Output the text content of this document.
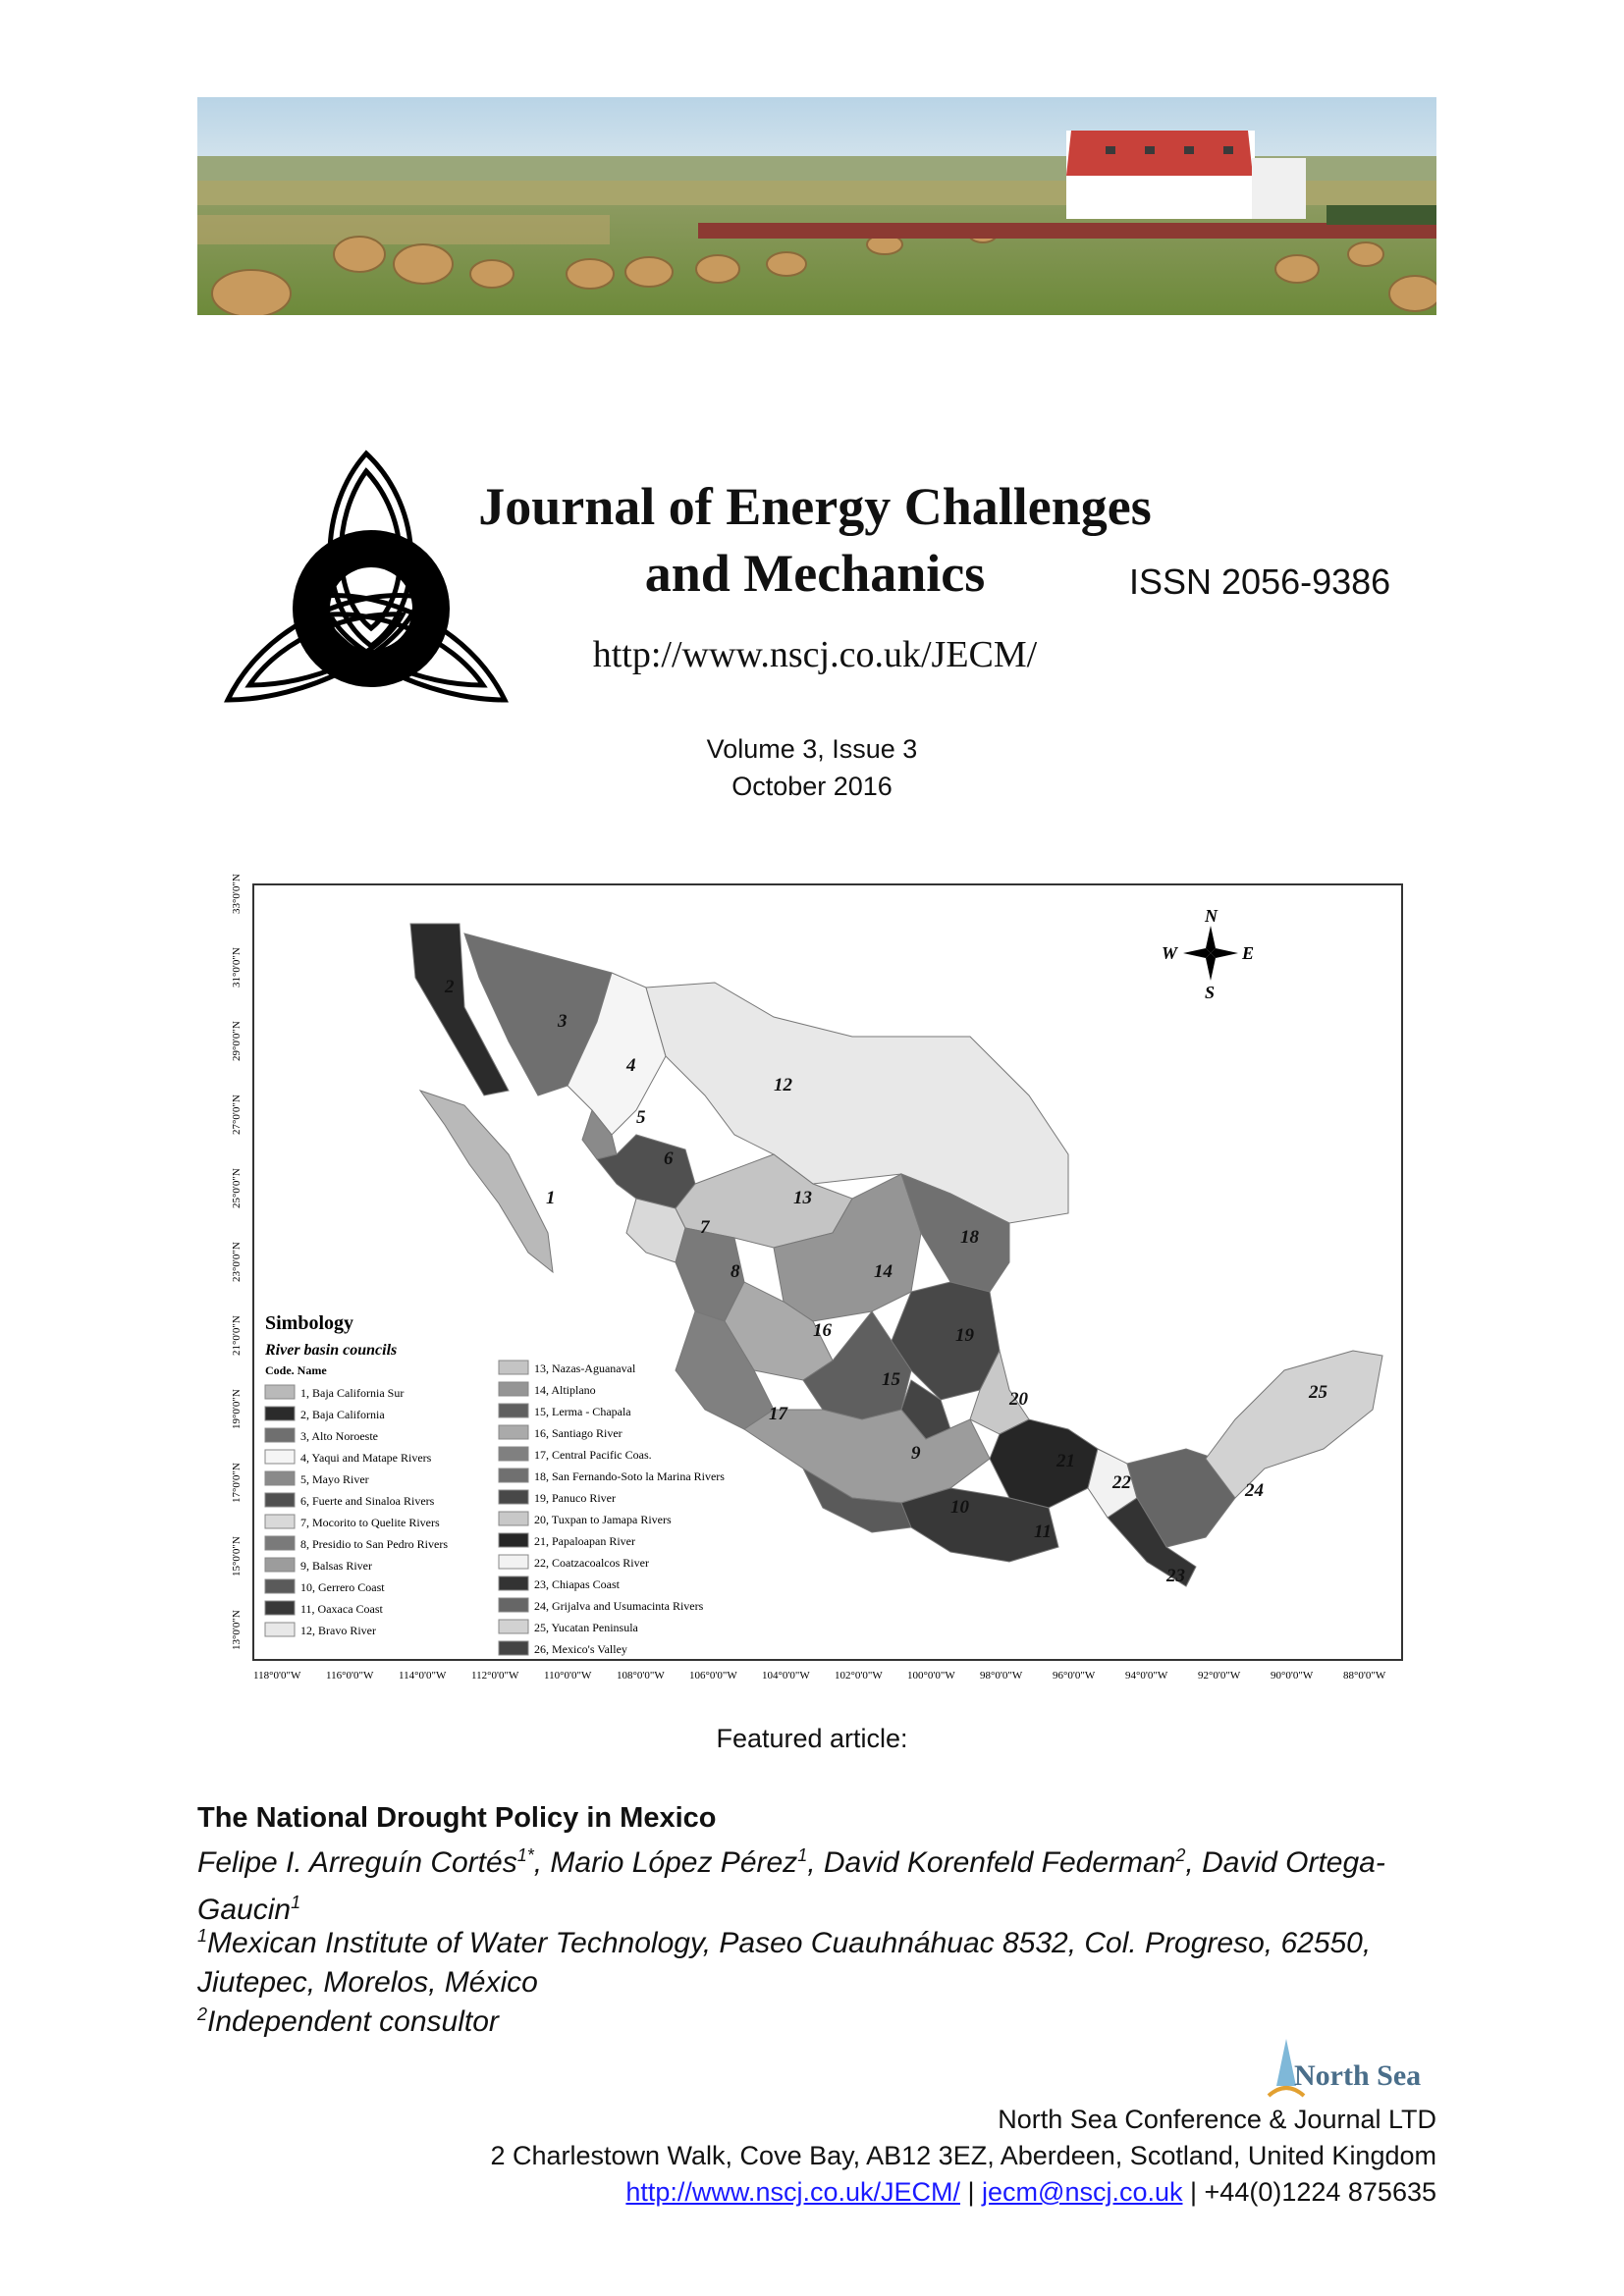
Journal of Energy Challenges
and Mechanics	ISSN 2056-9386
http://www.nscj.co.uk/JECM/
Volume 3, Issue 3
October 2016
33°0'0"N
31°0'0"N
29°0'0"N
27°0'0"N
25°0'0"N
23°0'0"N
21°0'0"N
19°0'0"N
17°0'0"N
15°0'0"N
13°0'0"N
118°0'0"W 116°0'0"W 114°0'0"W 112°0'0"W 110°0'0"W 108°0'0"W 106°0'0"W 104°0'0"W 102°0'0"W 100°0'0"W 98°0'0"W	96°0'0"W	94°0'0"W	92°0'0"W	90°0'0"W	88°0'0"W
1
2
3
4
5
6
7
8
9
10
11
12
13
14
15
16
17
18
19
20
21
22
23
24
25
N
S
E
W
Simbology
River basin councils
Code. Name
1, Baja California Sur
2, Baja California
3, Alto Noroeste
4, Yaqui and Matape Rivers
5, Mayo River
6, Fuerte and Sinaloa Rivers
7, Mocorito to Quelite Rivers
8, Presidio to San Pedro Rivers
9, Balsas River
10, Gerrero Coast
11, Oaxaca Coast
12, Bravo River
13, Nazas-Aguanaval
14, Altiplano
15, Lerma - Chapala
16, Santiago River
17, Central Pacific Coas.
18, San Fernando-Soto la Marina Rivers
19, Panuco River
20, Tuxpan to Jamapa Rivers
21, Papaloapan River
22, Coatzacoalcos River
23, Chiapas Coast
24, Grijalva and Usumacinta Rivers
25, Yucatan Peninsula
26, Mexico's Valley
Featured article:
The National Drought Policy in Mexico
Felipe I. Arreguín Cortés$^{1*}$, Mario López Pérez$^1$, David Korenfeld Federman$^2$, David Ortega-Gaucin$^1$
$^1$Mexican Institute of Water Technology, Paseo Cuauhnáhuac 8532, Col. Progreso, 62550, Jiutepec, Morelos, México
$^2$Independent consultor
North Sea
North Sea Conference & Journal LTD
2 Charlestown Walk, Cove Bay, AB12 3EZ, Aberdeen, Scotland, United Kingdom
http://www.nscj.co.uk/JECM/ | jecm@nscj.co.uk | +44(0)1224 875635
